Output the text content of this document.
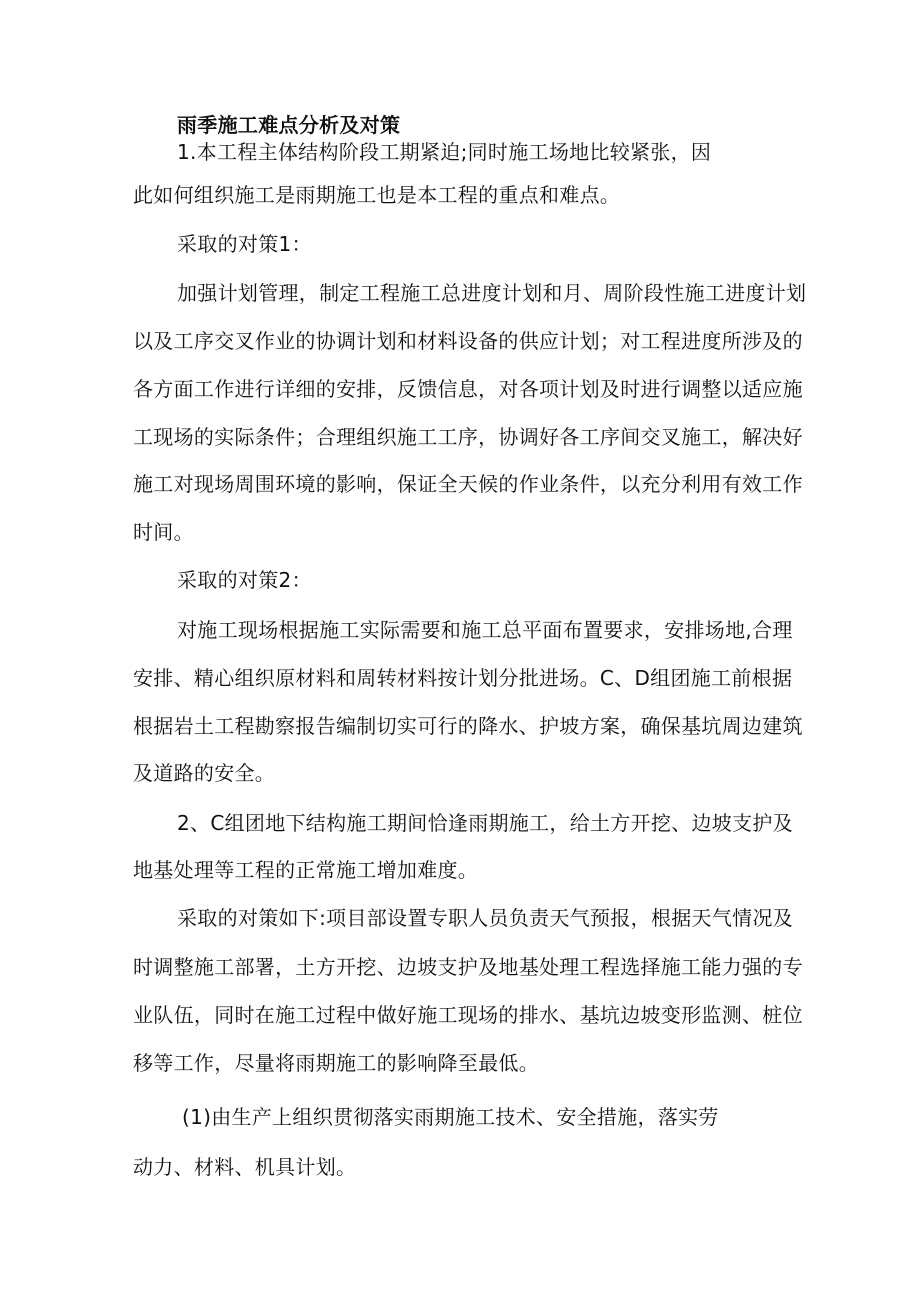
雨季施工难点分析及对策
1.本工程主体结构阶段工期紧迫;同时施工场地比较紧张，因
此如何组织施工是雨期施工也是本工程的重点和难点。
采取的对策1：
加强计划管理，制定工程施工总进度计划和月、周阶段性施工进度计划
以及工序交叉作业的协调计划和材料设备的供应计划；对工程进度所涉及的
各方面工作进行详细的安排，反馈信息，对各项计划及时进行调整以适应施
工现场的实际条件；合理组织施工工序，协调好各工序间交叉施工，解决好
施工对现场周围环境的影响，保证全天候的作业条件，以充分利用有效工作
时间。
采取的对策2：
对施工现场根据施工实际需要和施工总平面布置要求，安排场地,合理
安排、精心组织原材料和周转材料按计划分批进场。C、D组团施工前根据
根据岩土工程勘察报告编制切实可行的降水、护坡方案，确保基坑周边建筑
及道路的安全。
2、C组团地下结构施工期间恰逢雨期施工，给土方开挖、边坡支护及
地基处理等工程的正常施工增加难度。
采取的对策如下:项目部设置专职人员负责天气预报，根据天气情况及
时调整施工部署，土方开挖、边坡支护及地基处理工程选择施工能力强的专
业队伍，同时在施工过程中做好施工现场的排水、基坑边坡变形监测、桩位
移等工作，尽量将雨期施工的影响降至最低。
(1)由生产上组织贯彻落实雨期施工技术、安全措施，落实劳
动力、材料、机具计划。
